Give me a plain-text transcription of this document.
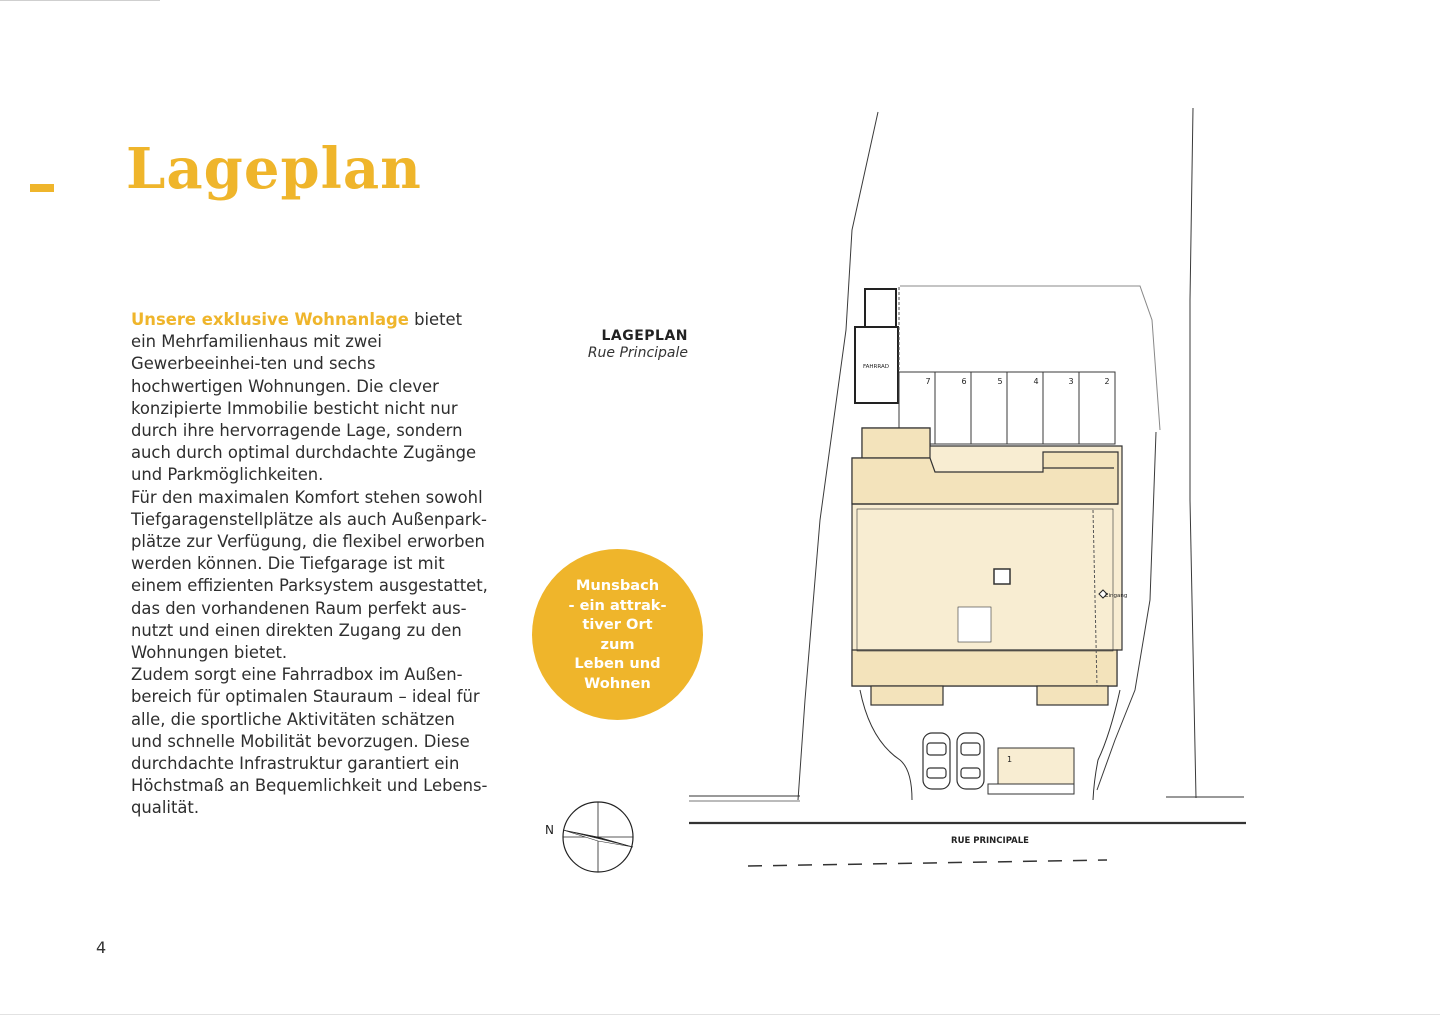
Lageplan

Unsere exklusive Wohnanlage bietet ein Mehrfamilienhaus mit zwei Gewerbeeinhei-ten und sechs hochwertigen Wohnungen. Die clever konzipierte Immobilie besticht nicht nur durch ihre hervorragende Lage, sondern auch durch optimal durchdachte Zugänge und Parkmöglichkeiten.
Für den maximalen Komfort stehen sowohl Tiefgaragenstellplätze als auch Außenpark-plätze zur Verfügung, die flexibel erworben werden können. Die Tiefgarage ist mit einem effizienten Parksystem ausgestattet, das den vorhandenen Raum perfekt aus-nutzt und einen direkten Zugang zu den Wohnungen bietet.
Zudem sorgt eine Fahrradbox im Außen-bereich für optimalen Stauraum – ideal für alle, die sportliche Aktivitäten schätzen und schnelle Mobilität bevorzugen. Diese durchdachte Infrastruktur garantiert ein Höchstmaß an Bequemlichkeit und Lebens-qualität.

4
LAGEPLAN
Rue Principale
Munsbach
- ein attrak-
tiver Ort zum
Leben und
Wohnen
FAHRRAD
7	6	5	4	3	2
Eingang
1
RUE PRINCIPALE
N
